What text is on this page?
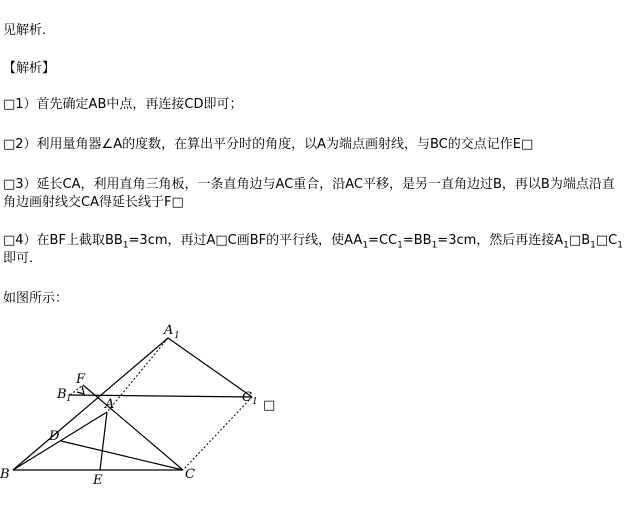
见解析.
【解析】
□1）首先确定AB中点，再连接CD即可；
□2）利用量角器∠A的度数，在算出平分时的角度，以A为端点画射线，与BC的交点记作E□
□3）延长CA，利用直角三角板，一条直角边与AC重合，沿AC平移，是另一直角边过B，再以B为端点沿直角边画射线交CA得延长线于F□
□4）在BF上截取$BB_1=3cm$，再过A□C画BF的平行线，使$AA_1=CC_1=BB_1=3cm$，然后再连接$A_1□B_1□C_1$即可．
如图所示：
A 1
B 1	C 1 □
F
A
D
B	E	C
